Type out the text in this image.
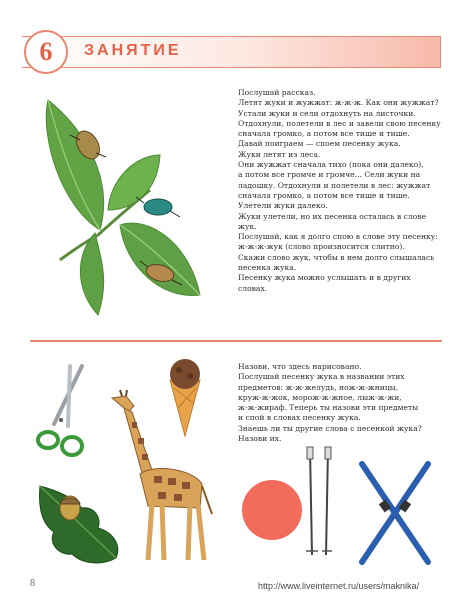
6 ЗАНЯТИЕ

Послушай рассказ.

Летят жуки и жужжат: ж-ж-ж. Как они жужжат?

Устали жуки и сели отдохнуть на листочки.

Отдохнули, полетели в лес и завели свою песенку

сначала громко, а потом все тише и тише.

Давай поиграем — споем песенку жука.

Жуки летят из леса.

Они жужжат сначала тихо (пока они далеко),

а потом все громче и громче... Сели жуки на

ладошку. Отдохнули и полетели в лес: жужжат

сначала громко, а потом все тише и тише.

Улетели жуки далеко.

Жуки улетели, но их песенка осталась в слове

жук.

Послушай, как я долго спою в слове эту песенку:

ж-ж-ж-жук (слово произносится слитно).

Скажи слово жук, чтобы в нем долго слышалась

песенка жука.

Песенку жука можно услышать и в других

словах.

Назови, что здесь нарисовано.

Послушай песенку жука в названии этих

предметов: ж-ж-желудь, нож-ж-жницы,

круж-ж-жок, морож-ж-жное, лыж-ж-жи,

ж-ж-жираф. Теперь ты назови эти предметы

и спой в словах песенку жука.

Знаешь ли ты другие слова с песенкой жука?

Назови их.

8	http://www.liveinternet.ru/users/maknika/
